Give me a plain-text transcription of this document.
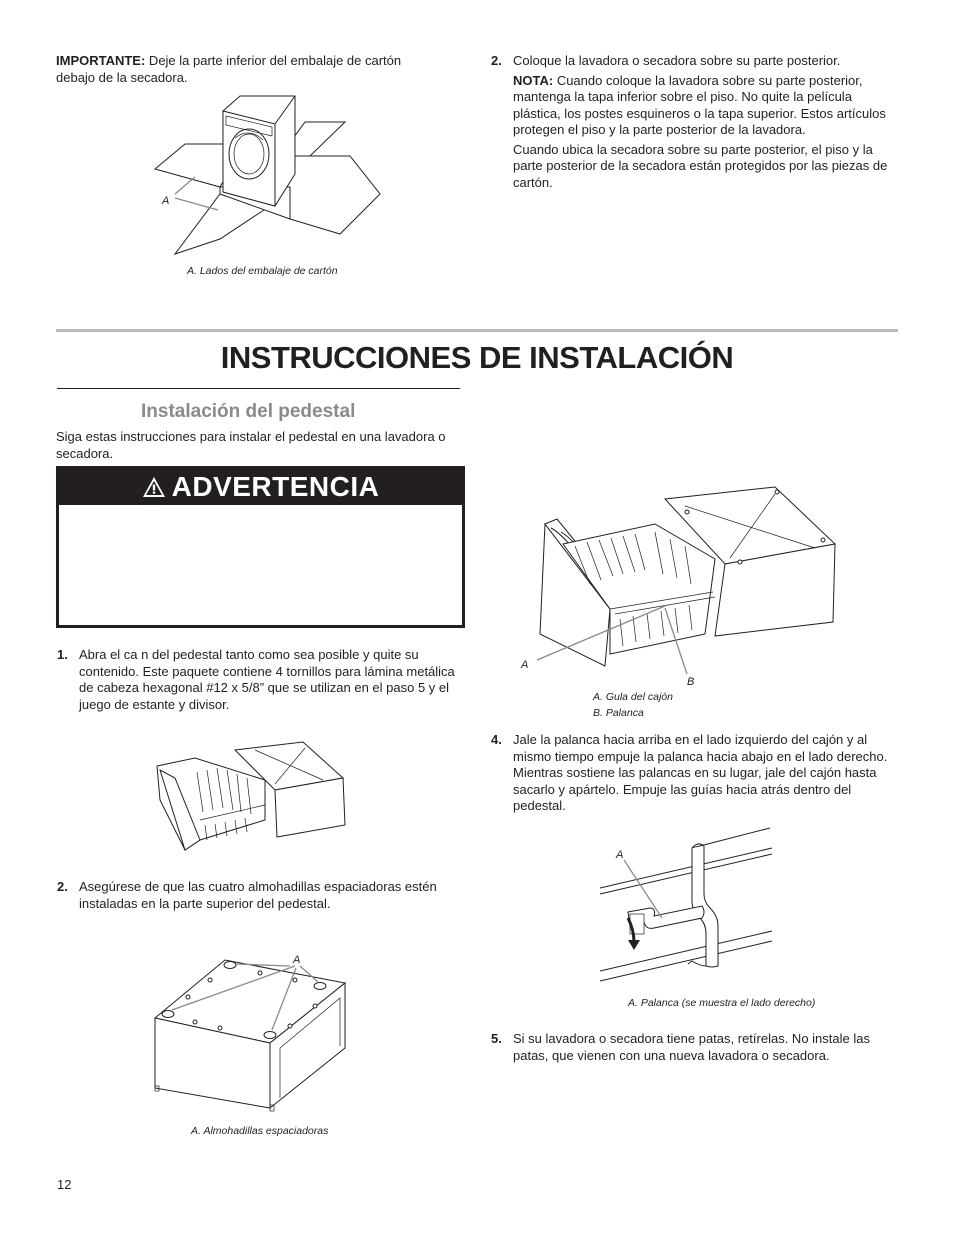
IMPORTANTE: Deje la parte inferior del embalaje de cartón debajo de la secadora.

A
A. Lados del embalaje de cartón
2. Coloque la lavadora o secadora sobre su parte posterior.

NOTA: Cuando coloque la lavadora sobre su parte posterior, mantenga la tapa inferior sobre el piso. No quite la película plástica, los postes esquineros o la tapa superior. Estos artículos protegen el piso y la parte posterior de la lavadora.

Cuando ubica la secadora sobre su parte posterior, el piso y la parte posterior de la secadora están protegidos por las piezas de cartón.

INSTRUCCIONES DE INSTALACIÓN
Instalación del pedestal

Siga estas instrucciones para instalar el pedestal en una lavadora o secadora.

ADVERTENCIA
1. Abra el ca n del pedestal tanto como sea posible y quite su contenido. Este paquete contiene 4 tornillos para lámina metálica de cabeza hexagonal #12 x 5/8” que se utilizan en el paso 5 y el juego de estante y divisor.
2. Asegúrese de que las cuatro almohadillas espaciadoras estén instaladas en la parte superior del pedestal.
A
A. Almohadillas espaciadoras
A
B
A. Gula del cajón
B. Palanca
4. Jale la palanca hacia arriba en el lado izquierdo del cajón y al mismo tiempo empuje la palanca hacia abajo en el lado derecho. Mientras sostiene las palancas en su lugar, jale del cajón hasta sacarlo y apártelo. Empuje las guías hacia atrás dentro del pedestal.
A
A. Palanca (se muestra el lado derecho)
5. Si su lavadora o secadora tiene patas, retírelas. No instale las patas, que vienen con una nueva lavadora o secadora.
12
